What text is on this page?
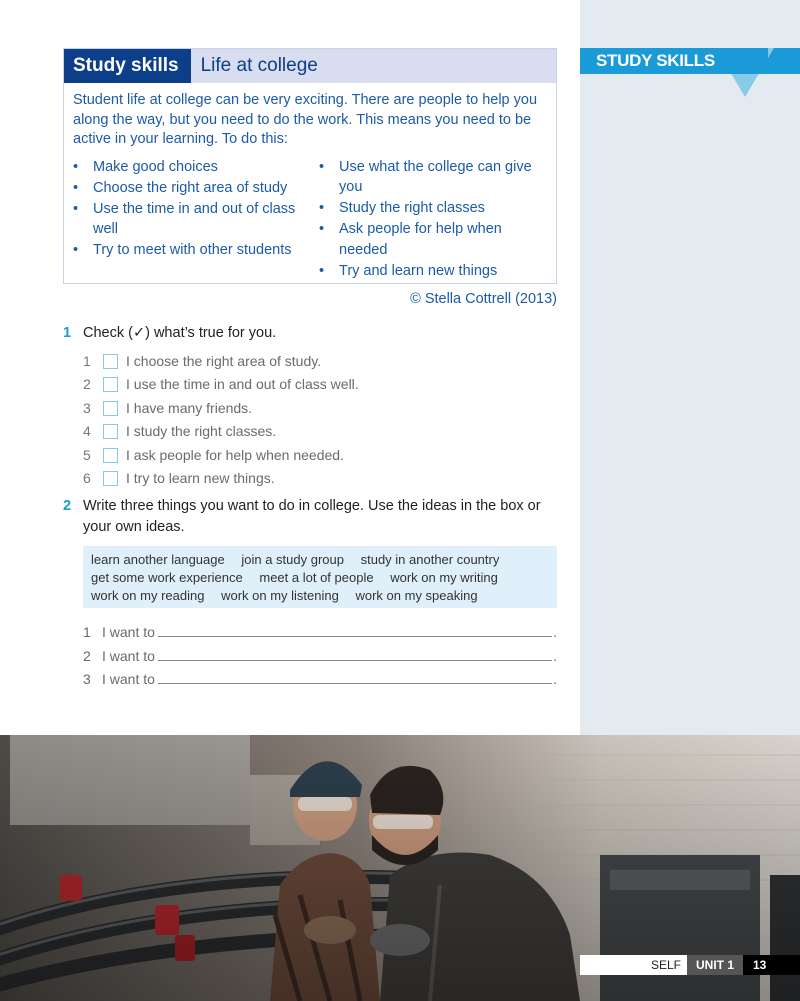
STUDY SKILLS
Study skills	Life at college
Student life at college can be very exciting. There are people to help you along the way, but you need to do the work. This means you need to be active in your learning. To do this:
• Make good choices
• Choose the right area of study
• Use the time in and out of class well
• Try to meet with other students
• Use what the college can give you
• Study the right classes
• Ask people for help when needed
• Try and learn new things
© Stella Cottrell (2013)
1 Check (✓) what’s true for you.
1	I choose the right area of study.
2	I use the time in and out of class well.
3	I have many friends.
4	I study the right classes.
5	I ask people for help when needed.
6	I try to learn new things.
2 Write three things you want to do in college. Use the ideas in the box or your own ideas.
learn another language join a study group study in another country
get some work experience meet a lot of people work on my writing
work on my reading work on my listening work on my speaking
1 I want to	.
2 I want to	.
3 I want to	.
SELF	UNIT 1	13
